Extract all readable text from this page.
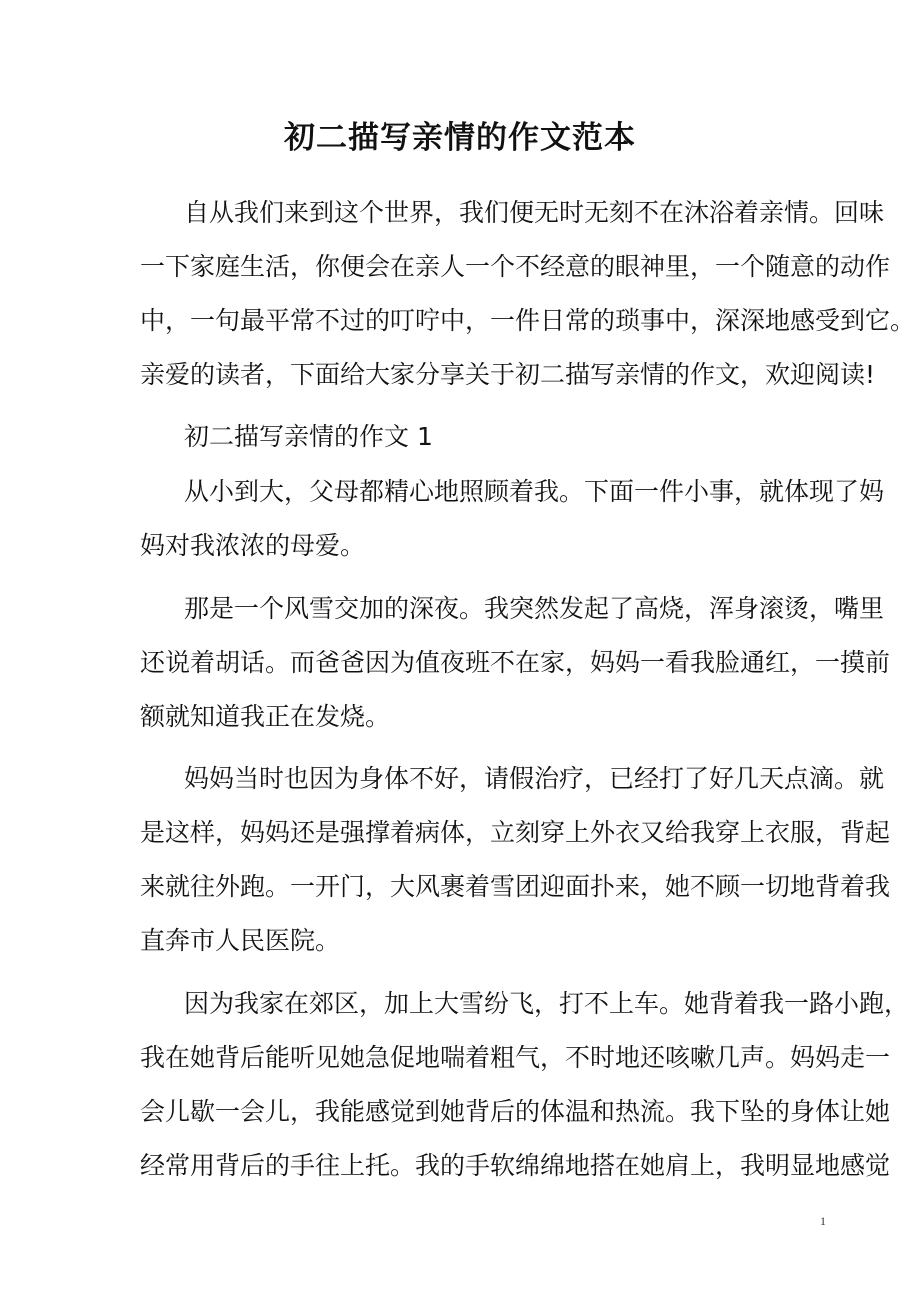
初二描写亲情的作文范本

自从我们来到这个世界，我们便无时无刻不在沐浴着亲情。回味

一下家庭生活，你便会在亲人一个不经意的眼神里，一个随意的动作

中，一句最平常不过的叮咛中，一件日常的琐事中，深深地感受到它。

亲爱的读者，下面给大家分享关于初二描写亲情的作文，欢迎阅读!

初二描写亲情的作文 1

从小到大，父母都精心地照顾着我。下面一件小事，就体现了妈

妈对我浓浓的母爱。

那是一个风雪交加的深夜。我突然发起了高烧，浑身滚烫，嘴里

还说着胡话。而爸爸因为值夜班不在家，妈妈一看我脸通红，一摸前

额就知道我正在发烧。

妈妈当时也因为身体不好，请假治疗，已经打了好几天点滴。就

是这样，妈妈还是强撑着病体，立刻穿上外衣又给我穿上衣服，背起

来就往外跑。一开门，大风裹着雪团迎面扑来，她不顾一切地背着我

直奔市人民医院。

因为我家在郊区，加上大雪纷飞，打不上车。她背着我一路小跑，

我在她背后能听见她急促地喘着粗气，不时地还咳嗽几声。妈妈走一

会儿歇一会儿，我能感觉到她背后的体温和热流。我下坠的身体让她

经常用背后的手往上托。我的手软绵绵地搭在她肩上，我明显地感觉

1
